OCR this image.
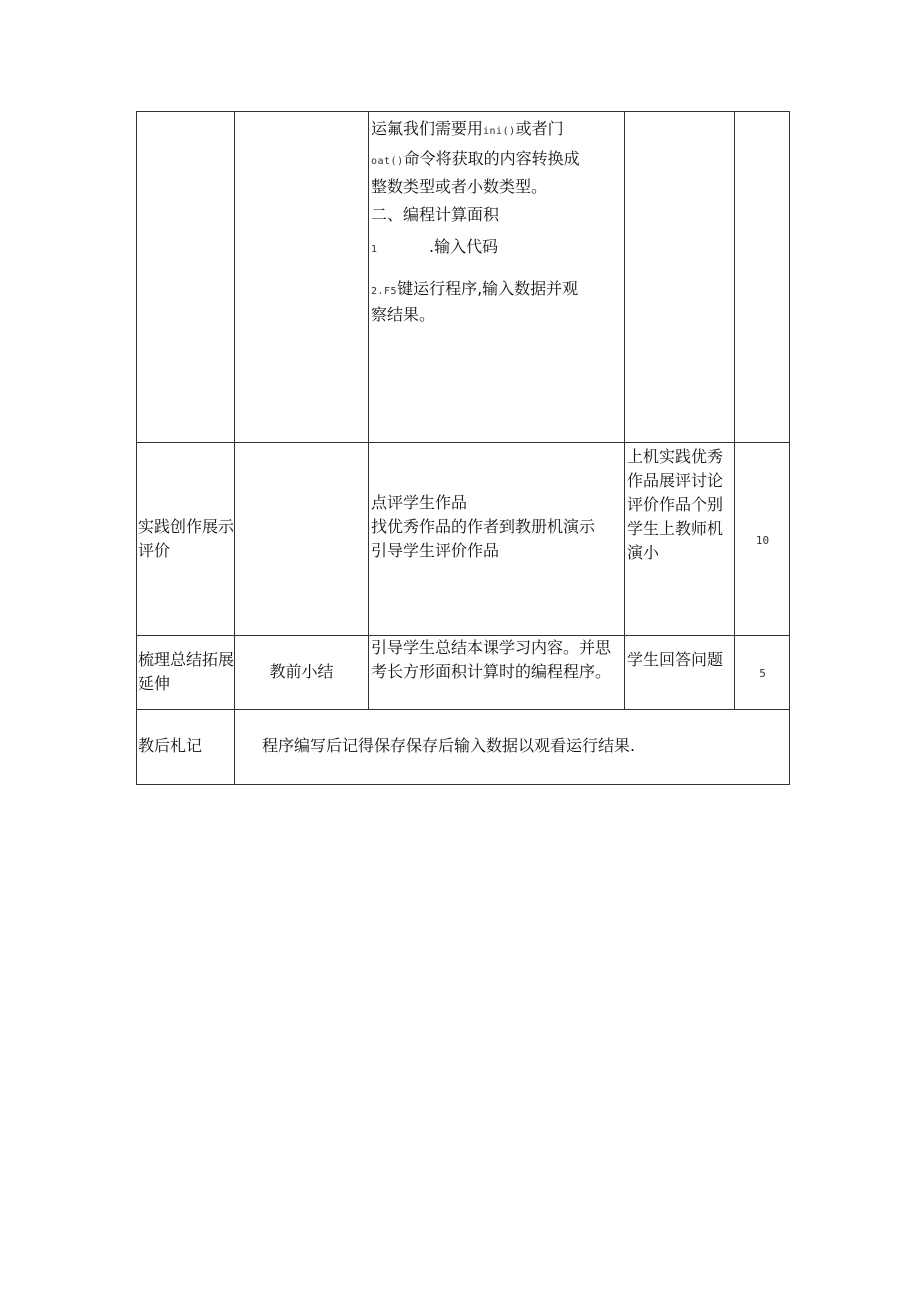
运氟我们需要用ini()或者门

oat()命令将获取的内容转换成

整数类型或者小数类型。

二、编程计算面积

1	.输入代码

2.F5键运行程序,输入数据并观

察结果。

实践创作展示评价

点评学生作品

找优秀作品的作者到教册机演示

引导学生评价作品

上机实践优秀作品展评讨论评价作品个别学生上教师机演小
10
梳理总结拓展延伸
教前小结
引导学生总结本课学习内容。并思考长方形面积计算时的编程程序。
学生回答问题
5
教后札记	程序编写后记得保存保存后输入数据以观看运行结果.
